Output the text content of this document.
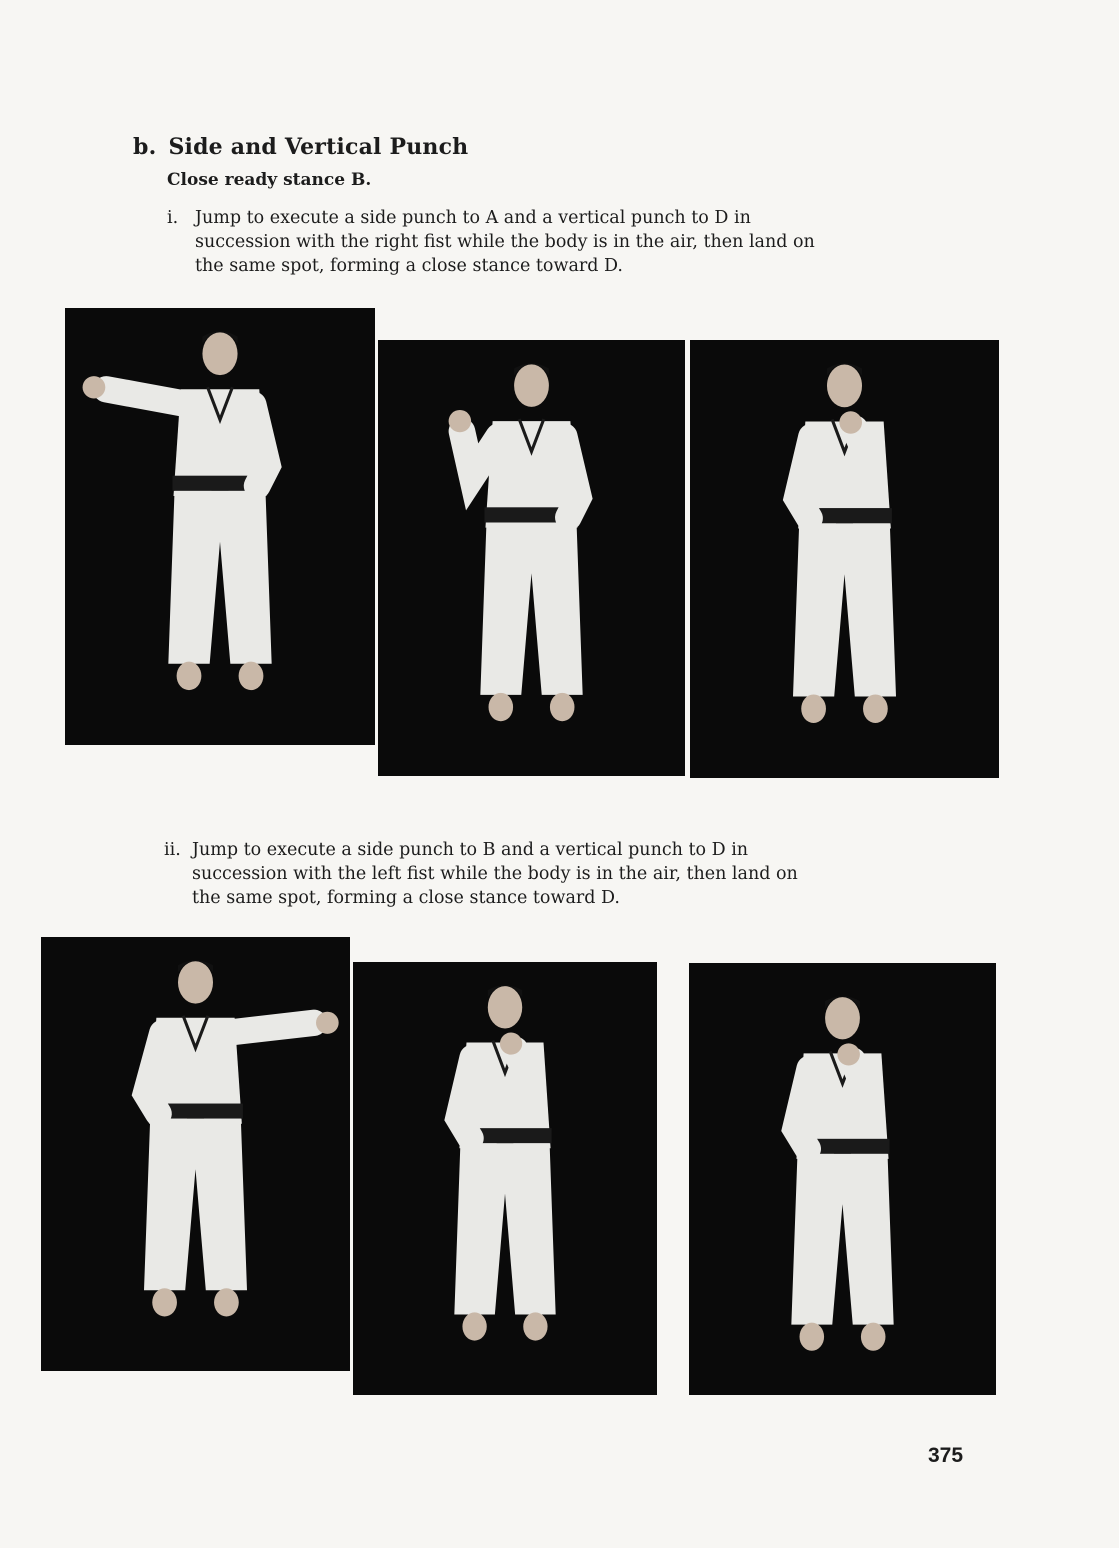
b. Side and Vertical Punch
Close ready stance B.
i. Jump to execute a side punch to A and a vertical punch to D in
succession with the right fist while the body is in the air, then land on
the same spot, forming a close stance toward D.
ii. Jump to execute a side punch to B and a vertical punch to D in
succession with the left fist while the body is in the air, then land on
the same spot, forming a close stance toward D.
375
